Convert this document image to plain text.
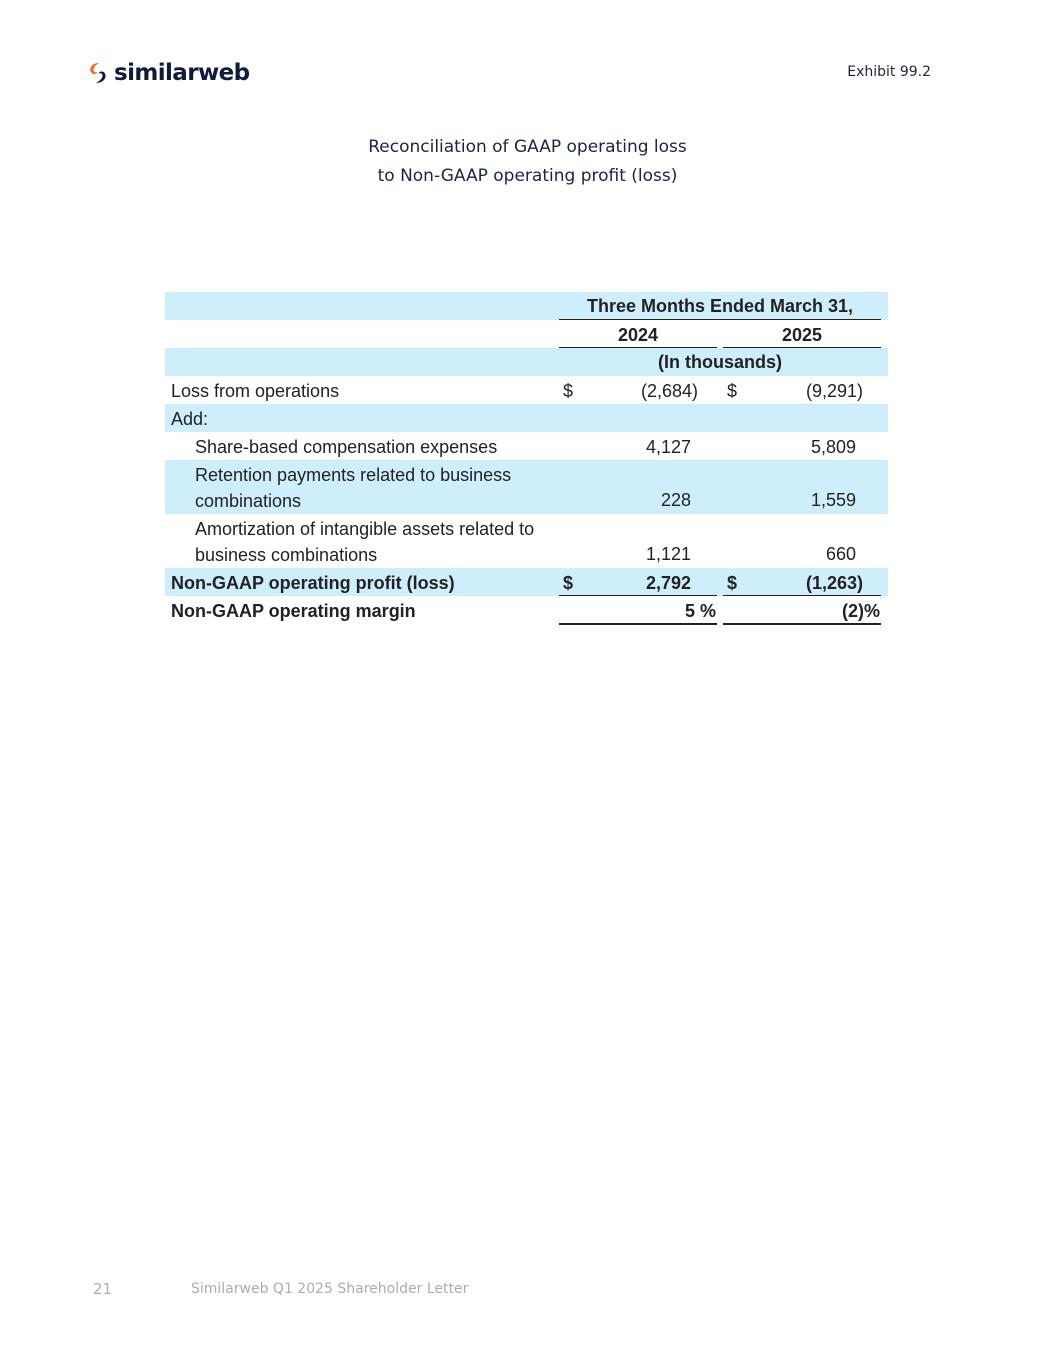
similarweb	Exhibit 99.2
Reconciliation of GAAP operating loss
to Non-GAAP operating profit (loss)
Three Months Ended March 31,
2024	2025
(In thousands)
Loss from operations	$	(2,684) $	(9,291)
Add:
Share-based compensation expenses	4,127	5,809
Retention payments related to business combinations	228	1,559
Amortization of intangible assets related to business combinations	1,121	660
Non-GAAP operating profit (loss)	$	2,792 $	(1,263)
Non-GAAP operating margin	5 %	(2)%
21	Similarweb Q1 2025 Shareholder Letter
